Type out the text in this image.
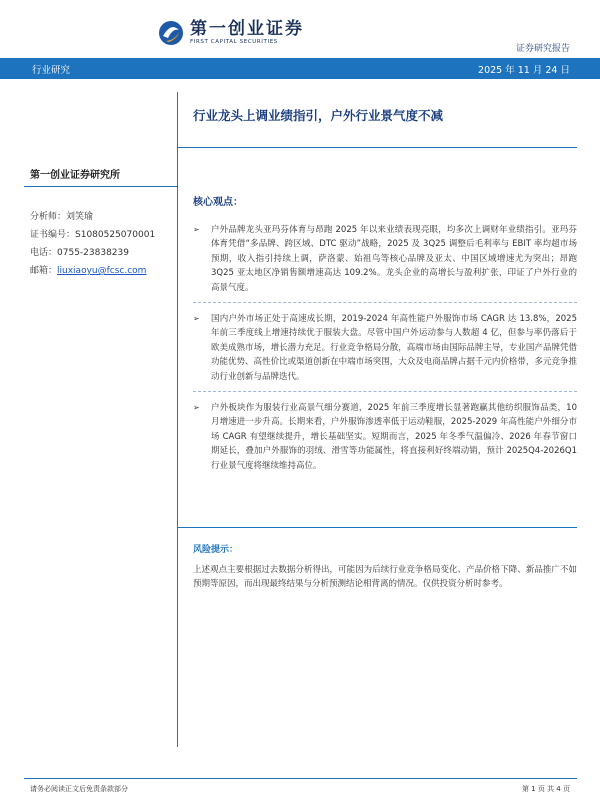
第一创业证券
FIRST CAPITAL SECURITIES
证券研究报告
行业研究	2025 年 11 月 24 日
行业龙头上调业绩指引，户外行业景气度不减
第一创业证券研究所
分析师：刘笑瑜
证书编号：S1080525070001
电话：0755-23838239
邮箱：liuxiaoyu@fcsc.com
核心观点：
➢	户外品牌龙头亚玛芬体育与昂跑 2025 年以来业绩表现亮眼，均多次上调财年业绩指引。亚玛芬体育凭借“多品牌、跨区域、DTC 驱动”战略，2025 及 3Q25 调整后毛利率与 EBIT 率均超市场预期，收入指引持续上调，萨洛蒙、始祖鸟等核心品牌及亚太、中国区域增速尤为突出；昂跑 3Q25 亚太地区净销售额增速高达 109.2%。龙头企业的高增长与盈利扩张，印证了户外行业的高景气度。
➢	国内户外市场正处于高速成长期，2019-2024 年高性能户外服饰市场 CAGR 达 13.8%，2025 年前三季度线上增速持续优于服装大盘。尽管中国户外运动参与人数超 4 亿，但参与率仍落后于欧美成熟市场，增长潜力充足。行业竞争格局分散，高端市场由国际品牌主导，专业国产品牌凭借功能优势、高性价比或渠道创新在中端市场突围，大众及电商品牌占据千元内价格带，多元竞争推动行业创新与品牌迭代。
➢	户外板块作为服装行业高景气细分赛道，2025 年前三季度增长显著跑赢其他纺织服饰品类，10 月增速进一步升高。长期来看，户外服饰渗透率低于运动鞋服，2025-2029 年高性能户外细分市场 CAGR 有望继续提升，增长基础坚实。短期而言，2025 年冬季气温偏冷、2026 年春节窗口期延长，叠加户外服饰的羽绒、滑雪等功能属性，将直接利好终端动销，预计 2025Q4-2026Q1 行业景气度将继续维持高位。
风险提示：
上述观点主要根据过去数据分析得出，可能因为后续行业竞争格局变化、产品价格下降、新品推广不如预期等原因，而出现最终结果与分析预测结论相背离的情况。仅供投资分析时参考。
请务必阅读正文后免责条款部分	第 1 页 共 4 页
